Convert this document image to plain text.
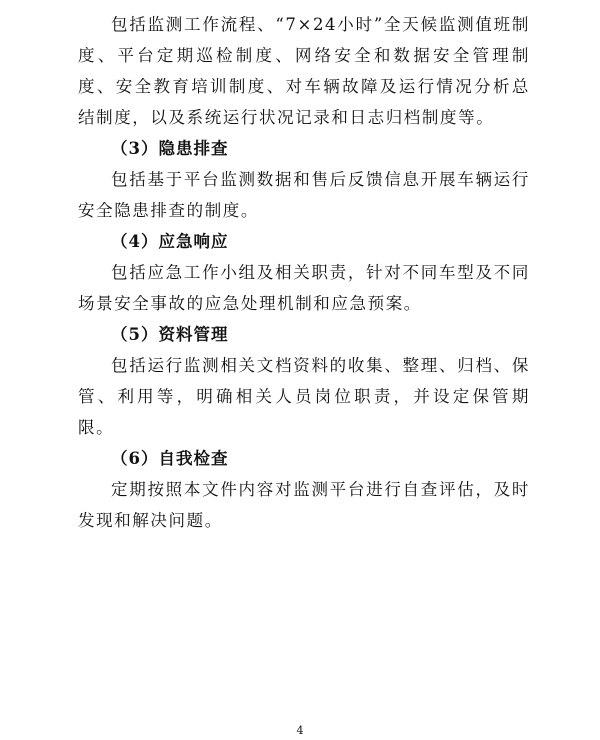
包括监测工作流程、“7×24小时”全天候监测值班制度、平台定期巡检制度、网络安全和数据安全管理制度、安全教育培训制度、对车辆故障及运行情况分析总结制度，以及系统运行状况记录和日志归档制度等。

（3）隐患排查

包括基于平台监测数据和售后反馈信息开展车辆运行安全隐患排查的制度。

（4）应急响应

包括应急工作小组及相关职责，针对不同车型及不同场景安全事故的应急处理机制和应急预案。

（5）资料管理

包括运行监测相关文档资料的收集、整理、归档、保管、利用等，明确相关人员岗位职责，并设定保管期限。

（6）自我检查

定期按照本文件内容对监测平台进行自查评估，及时发现和解决问题。

4
